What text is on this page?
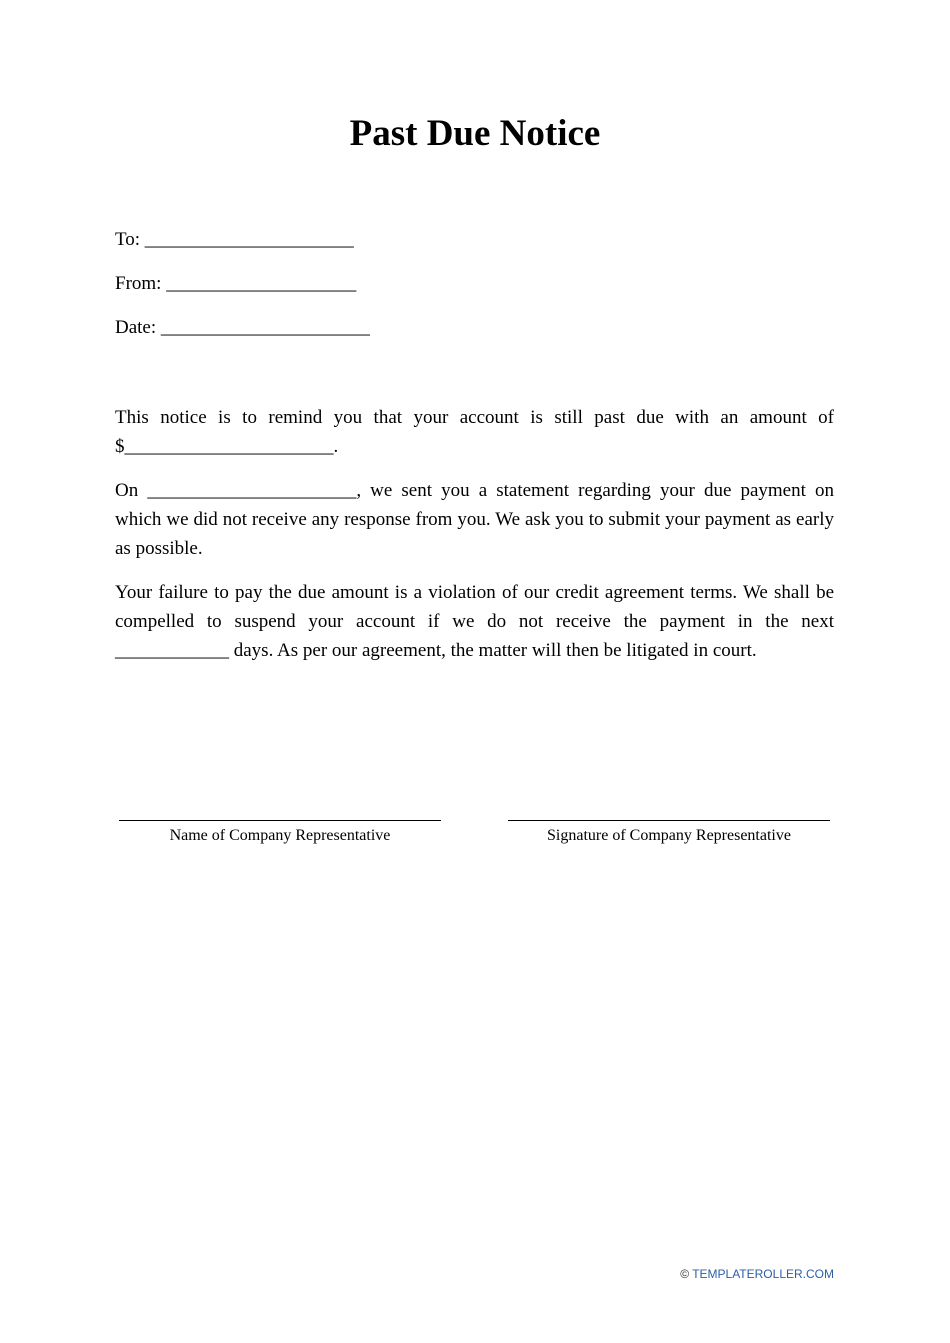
Past Due Notice
To: ______________________
From: ____________________
Date: ______________________

This notice is to remind you that your account is still past due with an amount of $______________________.

On ______________________, we sent you a statement regarding your due payment on which we did not receive any response from you. We ask you to submit your payment as early as possible.

Your failure to pay the due amount is a violation of our credit agreement terms. We shall be compelled to suspend your account if we do not receive the payment in the next ____________ days. As per our agreement, the matter will then be litigated in court.

Name of Company Representative	Signature of Company Representative
© TEMPLATEROLLER.COM
